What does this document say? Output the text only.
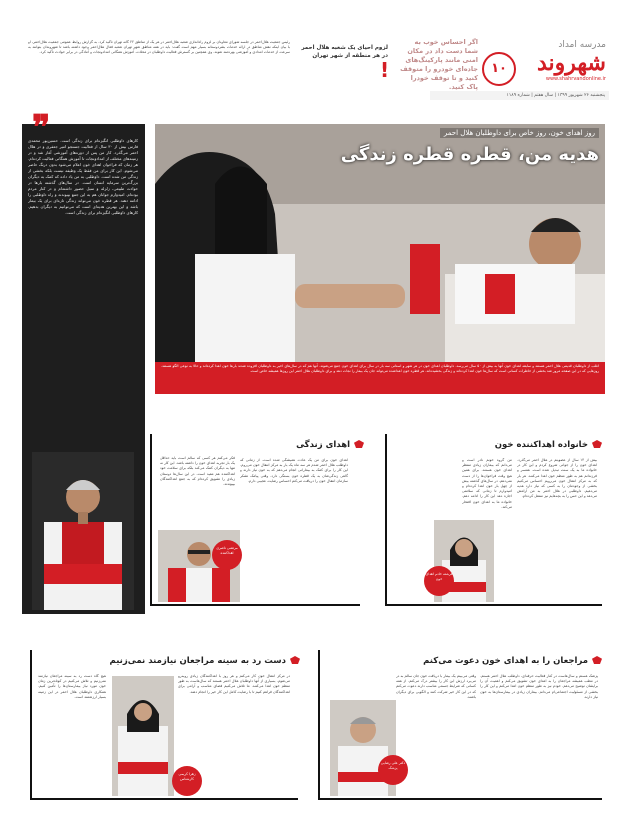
مدرسه امداد
شهروند
www.shahrvandonline.ir
۱۰
اگر احساس خوب به شما دست داد در مکان امنی مانند پارکینگ‌های جاده‌ای خودرو را متوقف کنید و تا توقف خودرا پاک کنید.
!
لزوم احیای یک شعبه هلال احمر در هر منطقه از شهر تهران
رئیس جمعیت هلال‌احمر در جلسه شورای معاونان بر لزوم راه‌اندازی شعبه هلال‌احمر در هر یک از مناطق ۲۲ گانه تهران تأکید کرد. به گزارش روابط عمومی جمعیت هلال‌احمر، او با بیان اینکه نقش مناطق در ارائه خدمات بشردوستانه بسیار مهم است گفت: باید در همه مناطق شهر تهران شعبه فعال هلال‌احمر وجود داشته باشد تا شهروندان بتوانند به سرعت از خدمات امدادی و آموزشی بهره‌مند شوند. وی همچنین بر گسترش فعالیت داوطلبان در محلات، آموزش همگانی امدادونجات و آمادگی در برابر حوادث تأکید کرد.
پنجشنبه ۲۶ شهریور ۱۳۹۹ | سال هفتم | شماره ۱۱۸۹
کارهای داوطلبی انگیزه‌ام برای زندگی است. حسین‌پور محمدی فارس بیش از ۳۰ سال از فعالیت جستجو امیر جعفری و در هلال احمر می‌گذرد. کار من پس از دوره‌های آموزشی آغاز شد و در زمینه‌های مختلف از امدادونجات تا آموزش همگانی فعالیت کرده‌ام. هر زمان که فراخوان اهدای خون اعلام می‌شود بدون درنگ حاضر می‌شوم. این کار برای من فقط یک وظیفه نیست بلکه بخشی از زندگی من شده است. داوطلبی به من یاد داده که کمک به دیگران بزرگ‌ترین سرمایه انسان است. در سال‌های گذشته بارها در حوادث طبیعی، زلزله و سیل حضور داشته‌ام و در کنار مردم بوده‌ام. امیدوارم جوانان هم به این جمع بپیوندند و راه داوطلبی را ادامه دهند. هر قطره خون می‌تواند زندگی تازه‌ای برای یک بیمار باشد و این بهترین هدیه‌ای است که می‌توانیم به دیگران بدهیم. کارهای داوطلبی انگیزه‌ام برای زندگی است.
❞	روز اهدای خون، روز خاص برای داوطلبان هلال احمر
هدیه من، قطره قطره زندگی
اغلب از داوطلبان قدیمی هلال احمر هستند و سابقه اهدای خون آنها به بیش از ۵۰ سال می‌رسد. داوطلبان اهدای خون در هر شهر و استانی سه بار در سال برای اهدای خون جمع می‌شوند. آنها هم که در سال‌های اخیر به داوطلبان افزوده شدند بارها خون اهدا کرده‌اند و حالا به نوعی الگو هستند. روزهایی که در این صفحه مرور شد بخشی از خاطرات کسانی است که سال‌ها خون اهدا کرده‌اند و زندگی بخشیده‌اند. هر قطره خون اهداشده می‌تواند جان یک بیمار را نجات دهد و برای داوطلبان هلال احمر این روزها همیشه خاص است.
خانواده اهداکننده خون
بیش از ۱۴ سال از عضویتم در هلال احمر می‌گذرد. اهدای خون را از جوانی شروع کردم و این کار در خانواده ما به یک سنت تبدیل شده است. همسر و فرزندانم هم به طور منظم خون اهدا می‌کنند. هر بار که به مرکز انتقال خون می‌رویم احساس می‌کنیم بخشی از وجودمان را به کسی که نیاز دارد هدیه می‌دهیم. داوطلبی در هلال احمر به من آرامش می‌دهد و این حس را به بچه‌هایم نیز منتقل کرده‌ام.
من گروه خونم نادر است و می‌دانم که بیماران زیادی منتظر اهدای خون هستند. برای همین هیچ وقت فراخوان‌ها را از دست نمی‌دهم. در سال‌های گذشته بیش از چهل بار خون اهدا کرده‌ام و امیدوارم تا زمانی که سلامتی اجازه دهد این کار را ادامه دهم. خانواده ما به اهدای خون افتخار می‌کند.
فرشته خادم اهدای خون
اهدای زندگی
اهدای خون برای من یک عادت همیشگی شده است. از زمانی که داوطلب هلال احمر شدم هر سه ماه یک بار به مرکز انتقال خون می‌روم. این کار را برای کمک به بیمارانی انجام می‌دهم که به خون نیاز دارند و گاهی زندگی‌شان به یک قطره خون بستگی دارد. وقتی پیامک تشکر سازمان انتقال خون را دریافت می‌کنم احساس رضایت عجیبی دارم.
فکر می‌کنم هر کسی که سالم است باید حداقل یک بار تجربه اهدای خون را داشته باشد. این کار نه تنها به دیگران کمک می‌کند بلکه برای سلامت خود اهداکننده هم مفید است. در این سال‌ها دوستان زیادی را تشویق کرده‌ام که به جمع اهداکنندگان بپیوندند.
مرتضی ناصری اهداکننده
مراجعان را به اهدای خون دعوت می‌کنم
پزشک هستم و سال‌هاست در کنار فعالیت حرفه‌ای، داوطلب هلال احمر هستم. در مطب همیشه مراجعان را به اهدای خون تشویق می‌کنم و اهمیت آن را برایشان توضیح می‌دهم. خودم نیز به طور منظم خون اهدا می‌کنم و این کار را بخشی از مسئولیت اجتماعی‌ام می‌دانم. بیماران زیادی در بیمارستان‌ها به خون نیاز دارند.
وقتی می‌بینم یک بیمار با دریافت خون جان سالم به در می‌برد ارزش این کار را بیشتر درک می‌کنم. از همه کسانی که شرایط جسمی مناسب دارند دعوت می‌کنم که در این کار خیر شرکت کنند و الگویی برای دیگران باشند.
دکتر علی رضایی پزشک
دست رد به سینه مراجعان نیازمند نمی‌زنیم
در مرکز انتقال خون کار می‌کنم و هر روز با اهداکنندگان زیادی روبه‌رو می‌شوم. بسیاری از آنها داوطلبان هلال احمر هستند که سال‌هاست به طور منظم خون اهدا می‌کنند. ما تلاش می‌کنیم فضای مناسب و آرامی برای اهداکنندگان فراهم کنیم تا با رضایت کامل این کار خیر را انجام دهند.
هیچ گاه دست رد به سینه مراجعان نیازمند نمی‌زنیم و تلاش می‌کنیم در کوتاه‌ترین زمان خون مورد نیاز بیمارستان‌ها را تأمین کنیم. همکاری داوطلبان هلال احمر در این زمینه بسیار ارزشمند است.
زهرا کریمی کارشناس
